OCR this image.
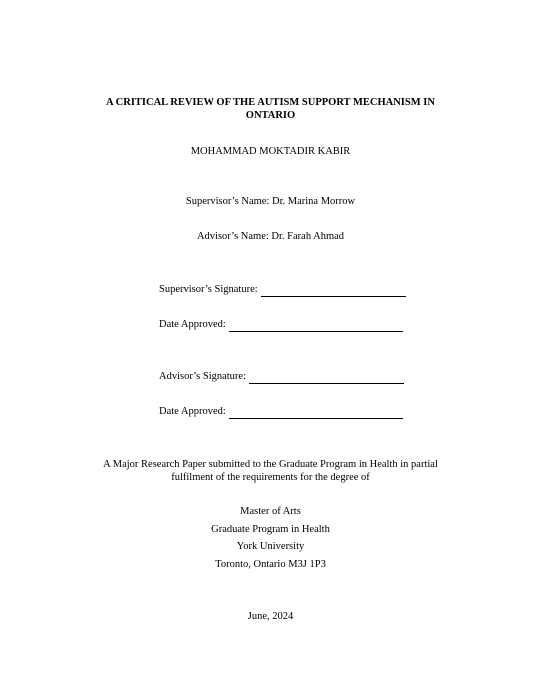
A CRITICAL REVIEW OF THE AUTISM SUPPORT MECHANISM IN
ONTARIO
MOHAMMAD MOKTADIR KABIR
Supervisor’s Name: Dr. Marina Morrow
Advisor’s Name: Dr. Farah Ahmad
Supervisor’s Signature:
Date Approved:
Advisor’s Signature:
Date Approved:
A Major Research Paper submitted to the Graduate Program in Health in partial
fulfilment of the requirements for the degree of
Master of Arts
Graduate Program in Health
York University
Toronto, Ontario M3J 1P3
June, 2024
